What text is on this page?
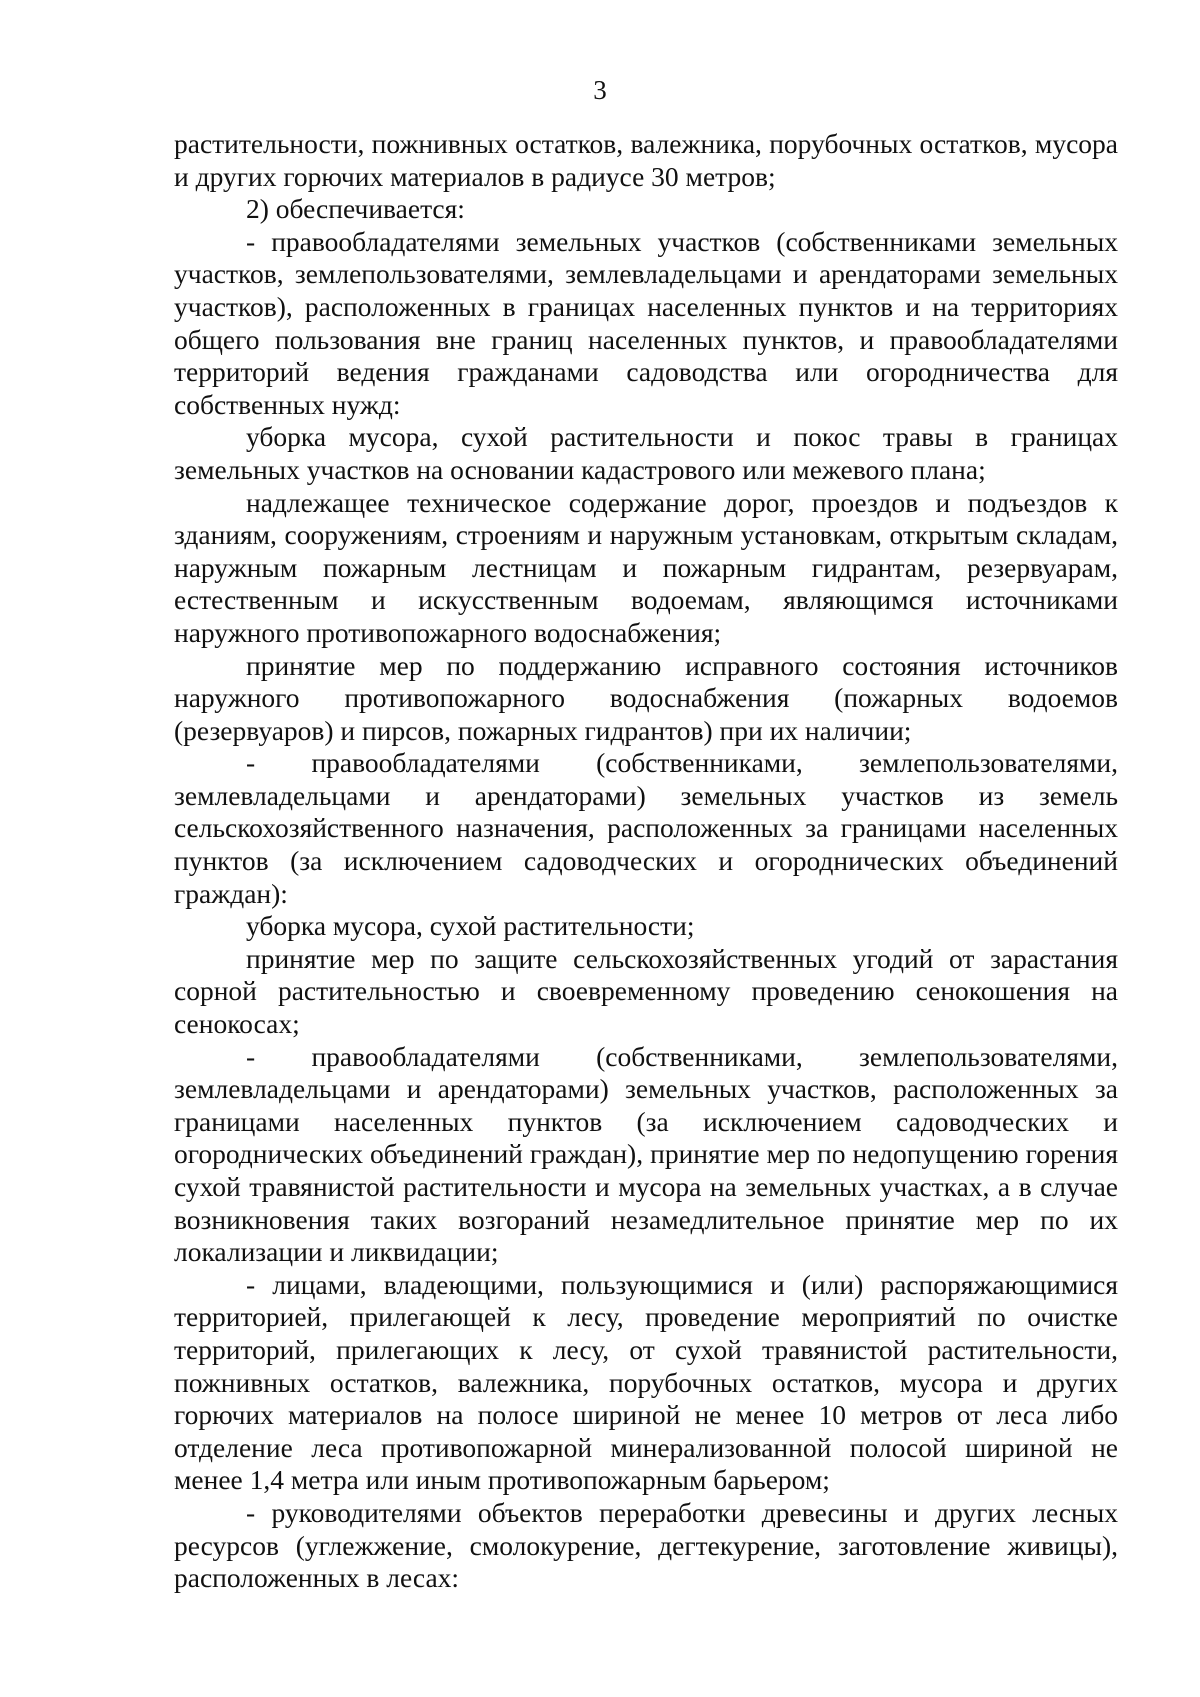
3

растительности, пожнивных остатков, валежника, порубочных остатков, мусора и других горючих материалов в радиусе 30 метров;

2) обеспечивается:

- правообладателями земельных участков (собственниками земельных участков, землепользователями, землевладельцами и арендаторами земельных участков), расположенных в границах населенных пунктов и на территориях общего пользования вне границ населенных пунктов, и правообладателями территорий ведения гражданами садоводства или огородничества для собственных нужд:

уборка мусора, сухой растительности и покос травы в границах земельных участков на основании кадастрового или межевого плана;

надлежащее техническое содержание дорог, проездов и подъездов к зданиям, сооружениям, строениям и наружным установкам, открытым складам, наружным пожарным лестницам и пожарным гидрантам, резервуарам, естественным и искусственным водоемам, являющимся источниками наружного противопожарного водоснабжения;

принятие мер по поддержанию исправного состояния источников наружного противопожарного водоснабжения (пожарных водоемов (резервуаров) и пирсов, пожарных гидрантов) при их наличии;

- правообладателями (собственниками, землепользователями, землевладельцами и арендаторами) земельных участков из земель сельскохозяйственного назначения, расположенных за границами населенных пунктов (за исключением садоводческих и огороднических объединений граждан):

уборка мусора, сухой растительности;

принятие мер по защите сельскохозяйственных угодий от зарастания сорной растительностью и своевременному проведению сенокошения на сенокосах;

- правообладателями (собственниками, землепользователями, землевладельцами и арендаторами) земельных участков, расположенных за границами населенных пунктов (за исключением садоводческих и огороднических объединений граждан), принятие мер по недопущению горения сухой травянистой растительности и мусора на земельных участках, а в случае возникновения таких возгораний незамедлительное принятие мер по их локализации и ликвидации;

- лицами, владеющими, пользующимися и (или) распоряжающимися территорией, прилегающей к лесу, проведение мероприятий по очистке территорий, прилегающих к лесу, от сухой травянистой растительности, пожнивных остатков, валежника, порубочных остатков, мусора и других горючих материалов на полосе шириной не менее 10 метров от леса либо отделение леса противопожарной минерализованной полосой шириной не менее 1,4 метра или иным противопожарным барьером;

- руководителями объектов переработки древесины и других лесных ресурсов (углежжение, смолокурение, дегтекурение, заготовление живицы), расположенных в лесах:
